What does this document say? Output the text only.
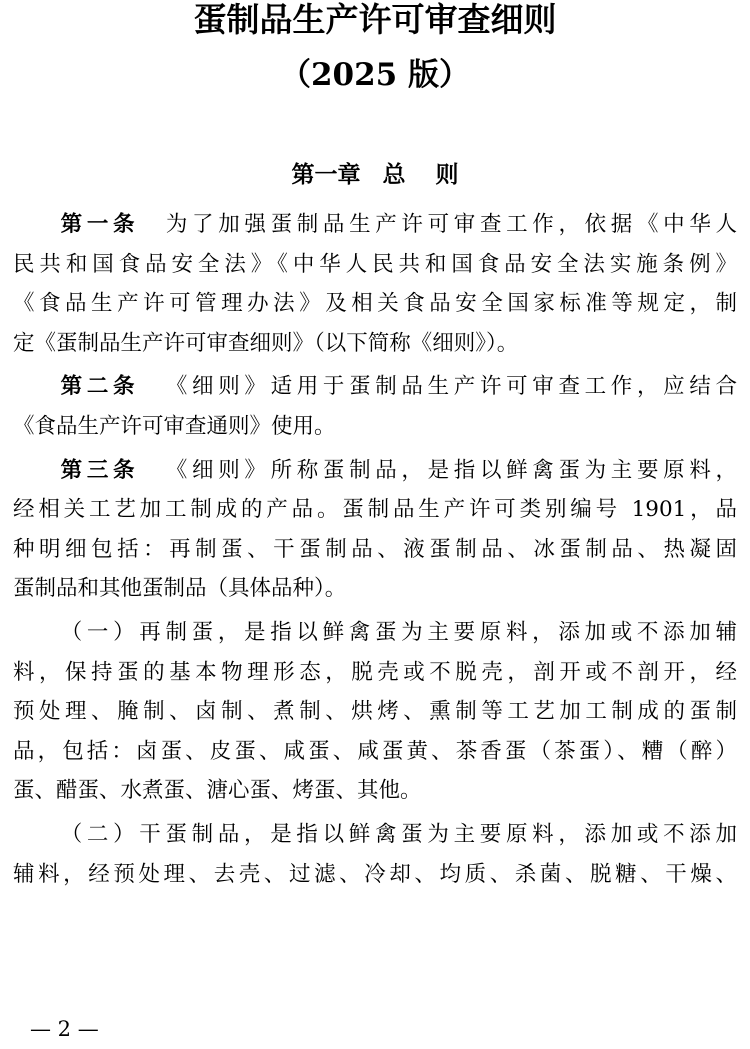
蛋制品生产许可审查细则
（2025 版）
第一章 总 则
第一条 为了加强蛋制品生产许可审查工作，依据《中华人
民共和国食品安全法》《中华人民共和国食品安全法实施条例》
《食品生产许可管理办法》及相关食品安全国家标准等规定，制
定《蛋制品生产许可审查细则》（以下简称《细则》）。
第二条 《细则》适用于蛋制品生产许可审查工作，应结合
《食品生产许可审查通则》使用。
第三条 《细则》所称蛋制品，是指以鲜禽蛋为主要原料，
经相关工艺加工制成的产品。蛋制品生产许可类别编号 1901，品
种明细包括：再制蛋、干蛋制品、液蛋制品、冰蛋制品、热凝固
蛋制品和其他蛋制品（具体品种）。
（一）再制蛋，是指以鲜禽蛋为主要原料，添加或不添加辅
料，保持蛋的基本物理形态，脱壳或不脱壳，剖开或不剖开，经
预处理、腌制、卤制、煮制、烘烤、熏制等工艺加工制成的蛋制
品，包括：卤蛋、皮蛋、咸蛋、咸蛋黄、茶香蛋（茶蛋）、糟（醉）
蛋、醋蛋、水煮蛋、溏心蛋、烤蛋、其他。
（二）干蛋制品，是指以鲜禽蛋为主要原料，添加或不添加
辅料，经预处理、去壳、过滤、冷却、均质、杀菌、脱糖、干燥、
— 2 —
